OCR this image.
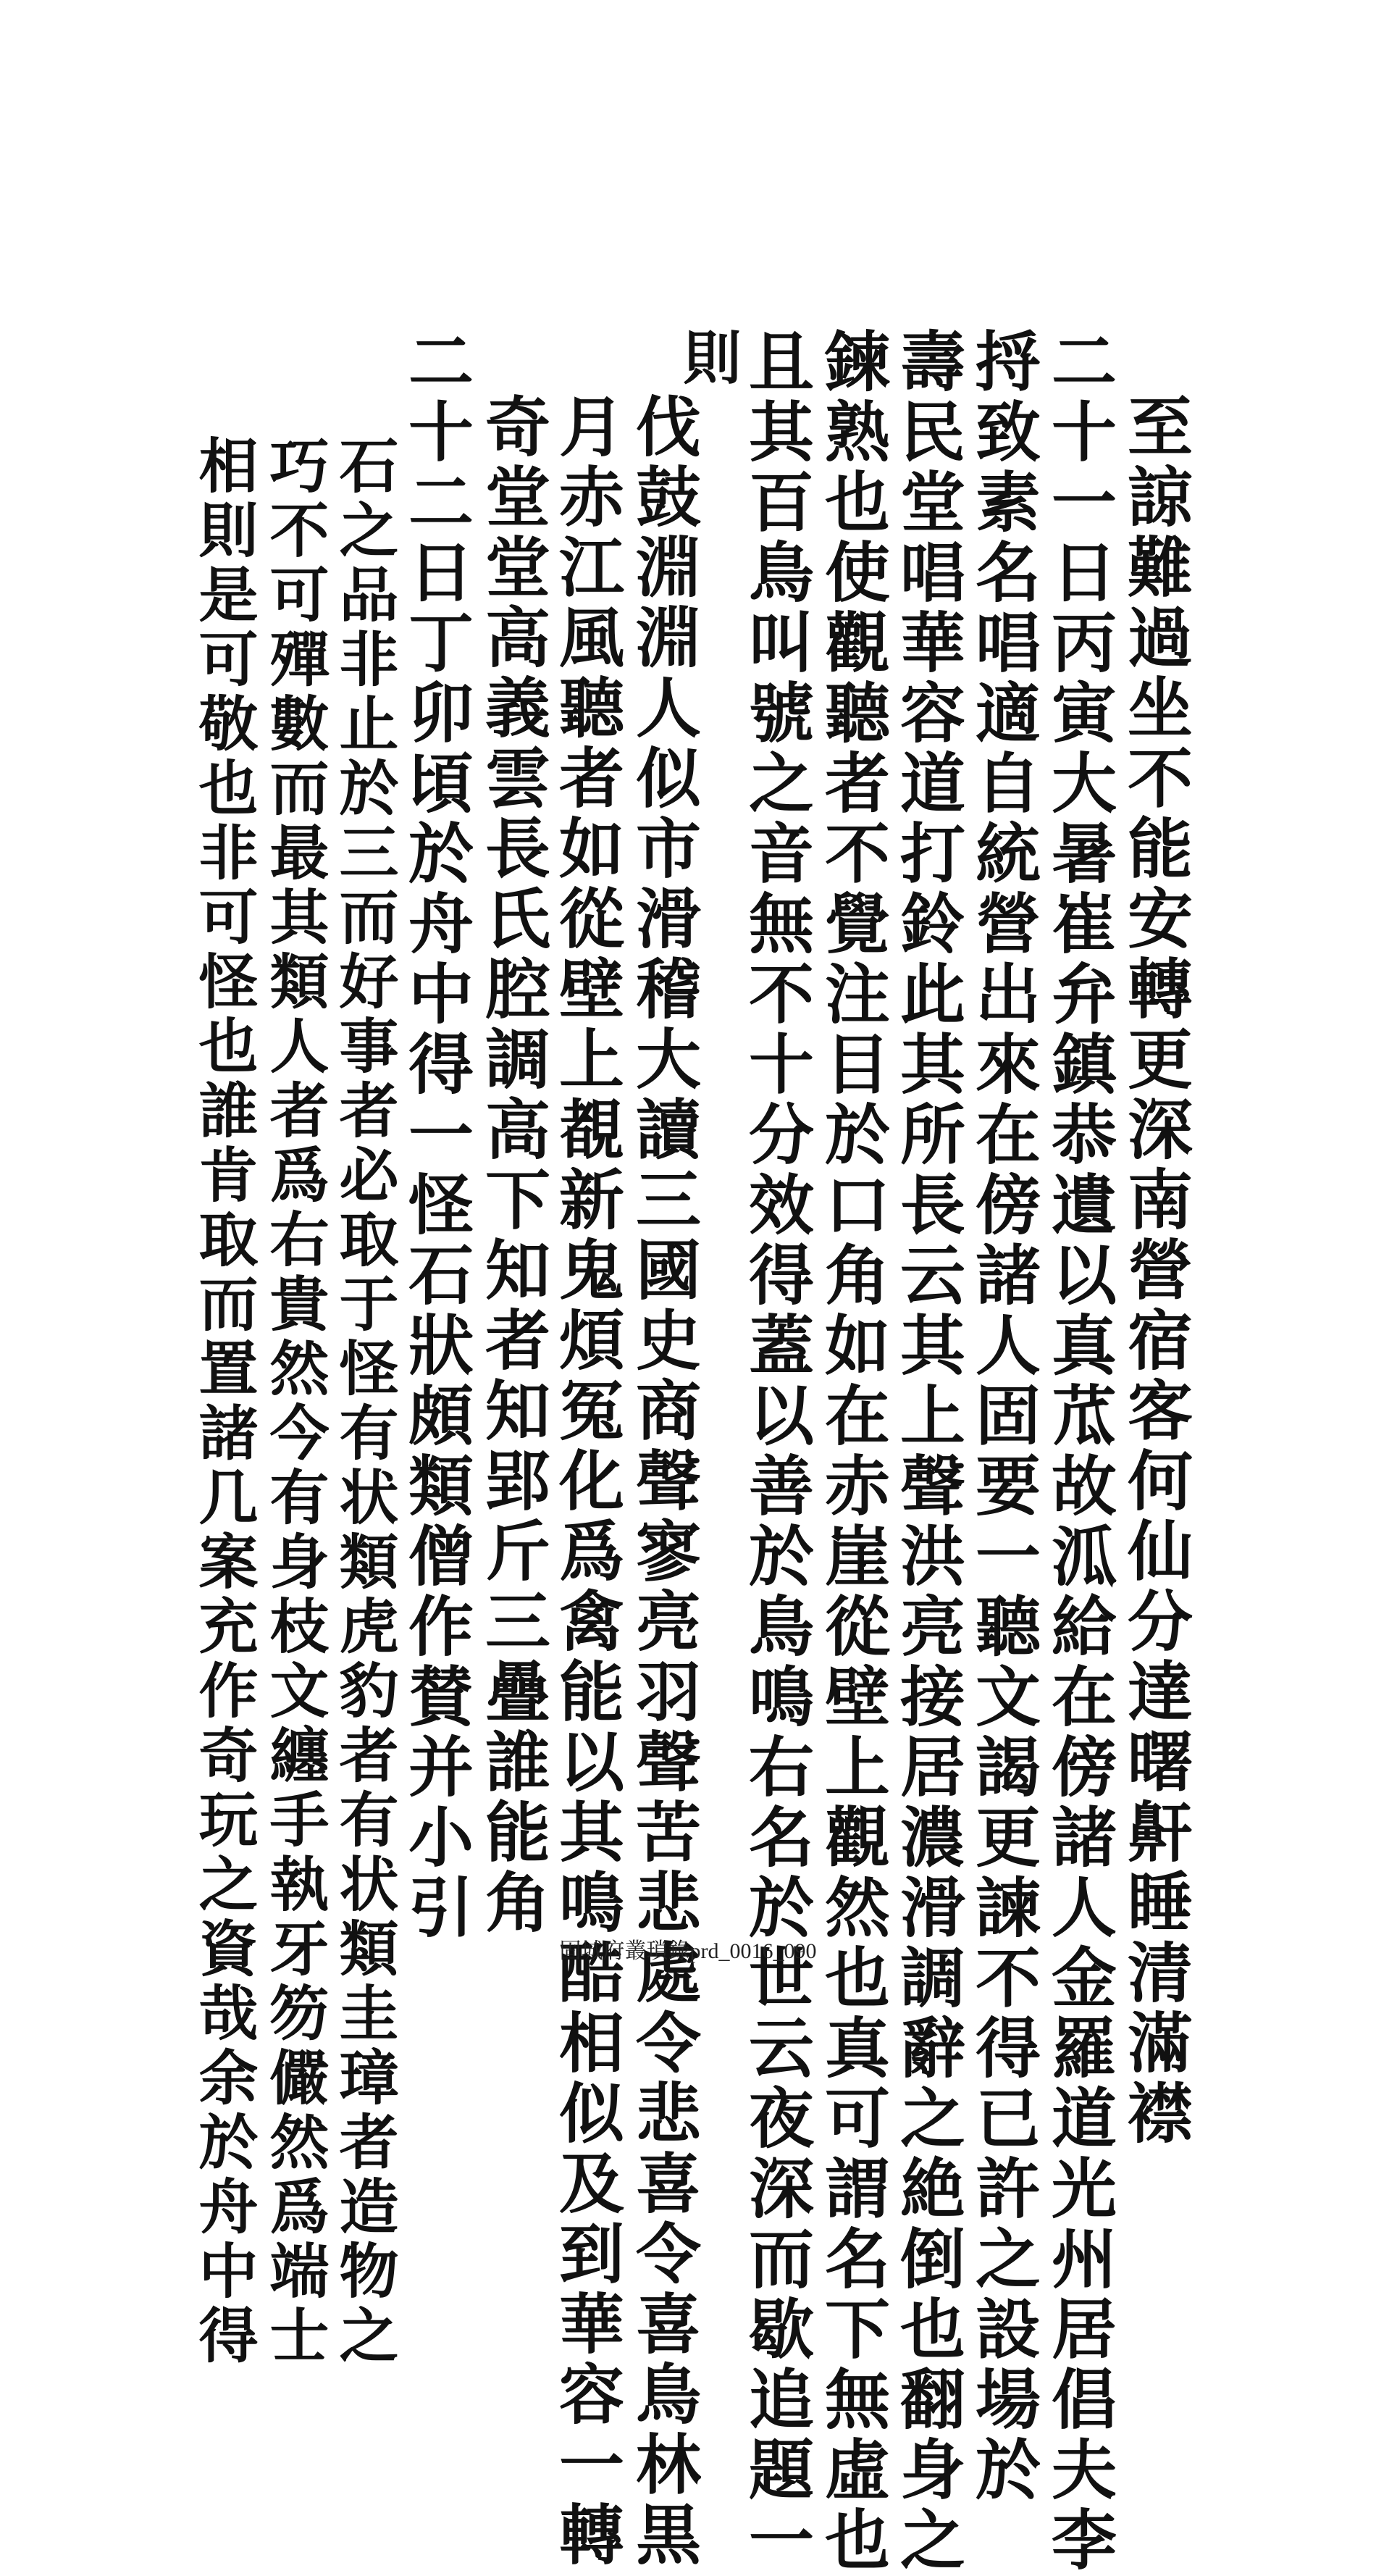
至諒難過坐不能安轉更深南營宿客何仙分達曙鼾睡清滿襟
二十一日丙寅大暑崔弁鎮恭遺以真苽故泒給在傍諸人金羅道光州居倡夫李
捋致素名唱適自統營出來在傍諸人固要一聽文謁更諫不得已許之設場於
壽民堂唱華容道打鈴此其所長云其上聲洪亮接居濃滑調辭之絶倒也翻身之
鍊熟也使觀聽者不覺注目於口角如在赤崖從壁上觀然也真可謂名下無虛也
且其百鳥叫號之音無不十分效得蓋以善於鳥鳴右名於世云夜深而歇追題一
則
伐鼓淵淵人似市滑稽大讀三國史商聲寥亮羽聲苦悲處令悲喜令喜鳥林黒
月赤江風聽者如從壁上覩新鬼煩冤化爲禽能以其鳴酷相似及到華容一轉
奇堂堂高義雲長氏腔調高下知者知郢斤三疊誰能角
二十二日丁卯頃於舟中得一怪石狀頗類僧作賛并小引
石之品非止於三而好事者必取于怪有状類虎豹者有状類圭璋者造物之
巧不可殫數而最其類人者爲右貴然今有身枝文纏手執牙笏儼然爲端士
相則是可敬也非可怪也誰肯取而置諸几案充作奇玩之資哉余於舟中得	固城府叢瑣錄prd_0016_090
